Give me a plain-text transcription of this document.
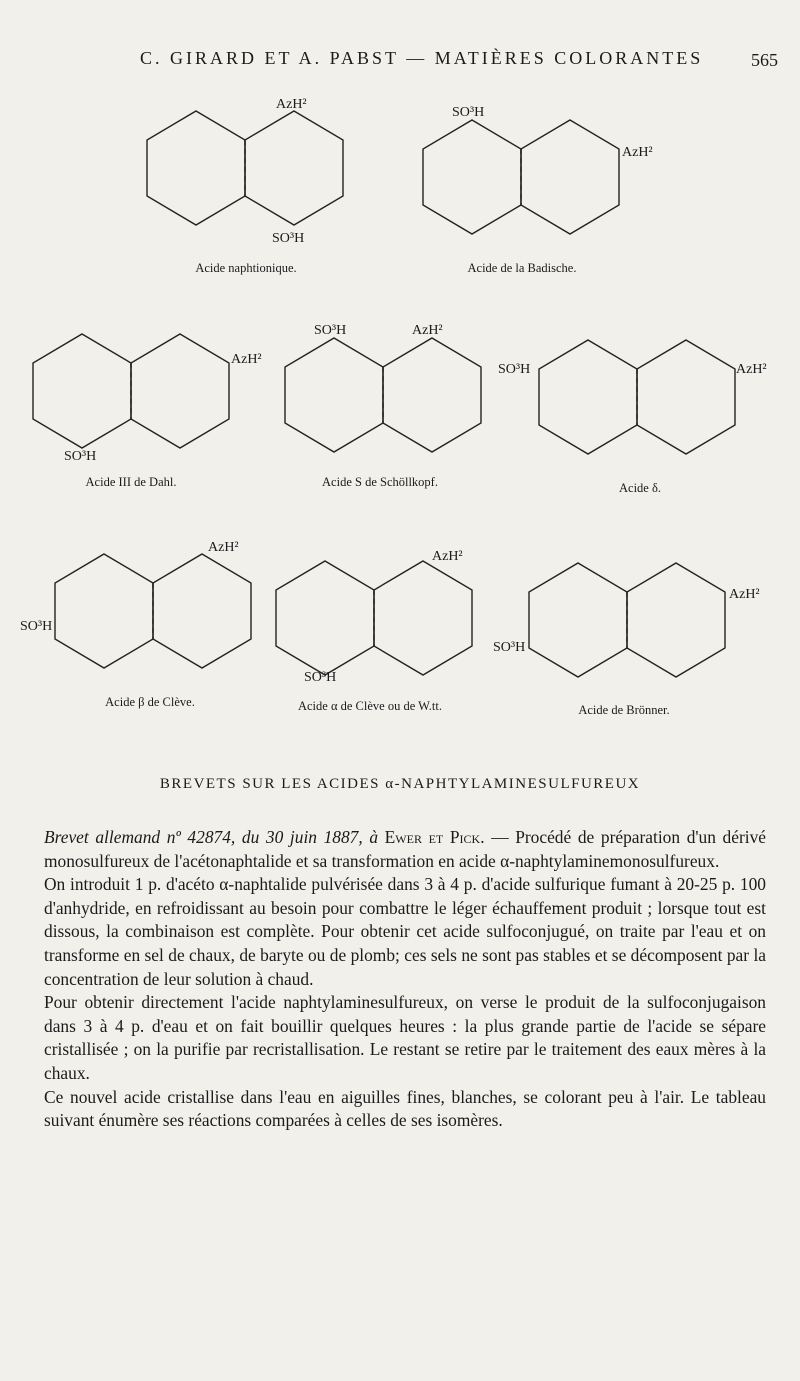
C. GIRARD ET A. PABST — MATIÈRES COLORANTES	565
AzH²
SO³H
Acide naphtionique.
SO³H
AzH²
Acide de la Badische.
AzH²
SO³H
Acide III de Dahl.
SO³H	AzH²
Acide S de Schöllkopf.
SO³H	AzH²
Acide δ.
AzH²
SO³H
Acide β de Clève.
AzH²
SO³H
Acide α de Clève ou de W.tt.
AzH²
SO³H
Acide de Brönner.
BREVETS SUR LES ACIDES α-NAPHTYLAMINESULFUREUX

Brevet allemand nº 42874, du 30 juin 1887, à Ewer et Pick. — Procédé de préparation d'un dérivé monosulfureux de l'acétonaphtalide et sa transformation en acide α-naphtylaminemonosulfureux.

On introduit 1 p. d'acéto α-naphtalide pulvérisée dans 3 à 4 p. d'acide sulfurique fumant à 20-25 p. 100 d'anhydride, en refroidissant au besoin pour combattre le léger échauffement produit ; lorsque tout est dissous, la combinaison est complète. Pour obtenir cet acide sulfoconjugué, on traite par l'eau et on transforme en sel de chaux, de baryte ou de plomb; ces sels ne sont pas stables et se décomposent par la concentration de leur solution à chaud.

Pour obtenir directement l'acide naphtylaminesulfureux, on verse le produit de la sulfoconjugaison dans 3 à 4 p. d'eau et on fait bouillir quelques heures : la plus grande partie de l'acide se sépare cristallisée ; on la purifie par recristallisation. Le restant se retire par le traitement des eaux mères à la chaux.

Ce nouvel acide cristallise dans l'eau en aiguilles fines, blanches, se colorant peu à l'air. Le tableau suivant énumère ses réactions comparées à celles de ses isomères.
